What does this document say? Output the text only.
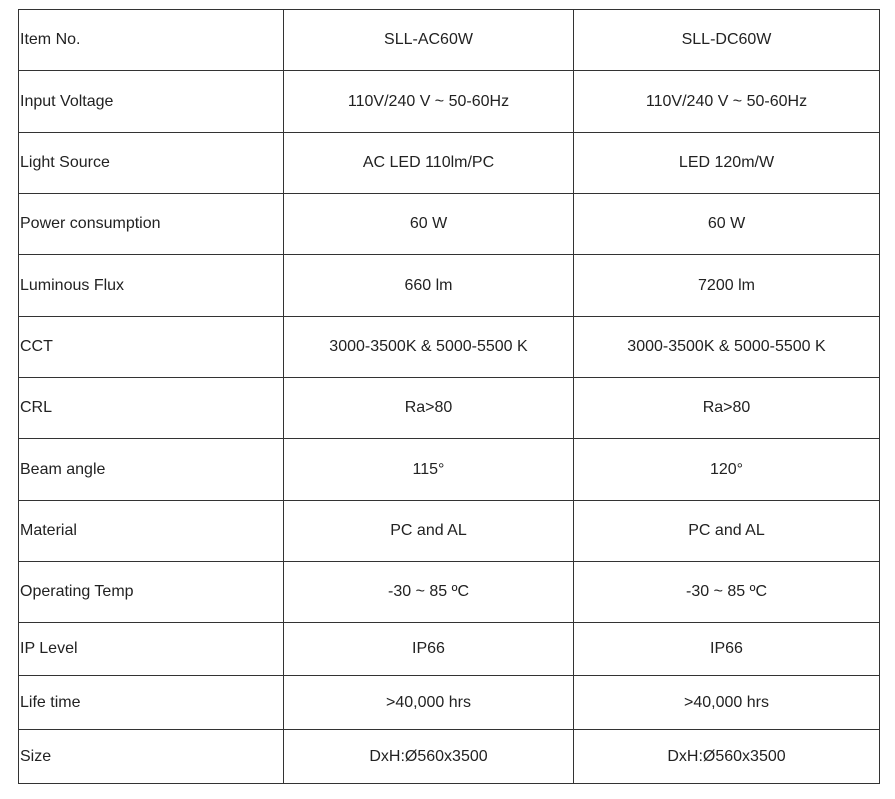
Item No.	SLL-AC60W	SLL-DC60W
Input Voltage	110V/240 V ~ 50-60Hz	110V/240 V ~ 50-60Hz
Light Source	AC LED 110lm/PC	LED 120m/W
Power consumption	60 W	60 W
Luminous Flux	660 lm	7200 lm
CCT	3000-3500K & 5000-5500 K	3000-3500K & 5000-5500 K
CRL	Ra>80	Ra>80
Beam angle	115°	120°
Material	PC and AL	PC and AL
Operating Temp	-30 ~ 85 ºC	-30 ~ 85 ºC
IP Level	IP66	IP66
Life time	>40,000 hrs	>40,000 hrs
Size	DxH:Ø560x3500	DxH:Ø560x3500
